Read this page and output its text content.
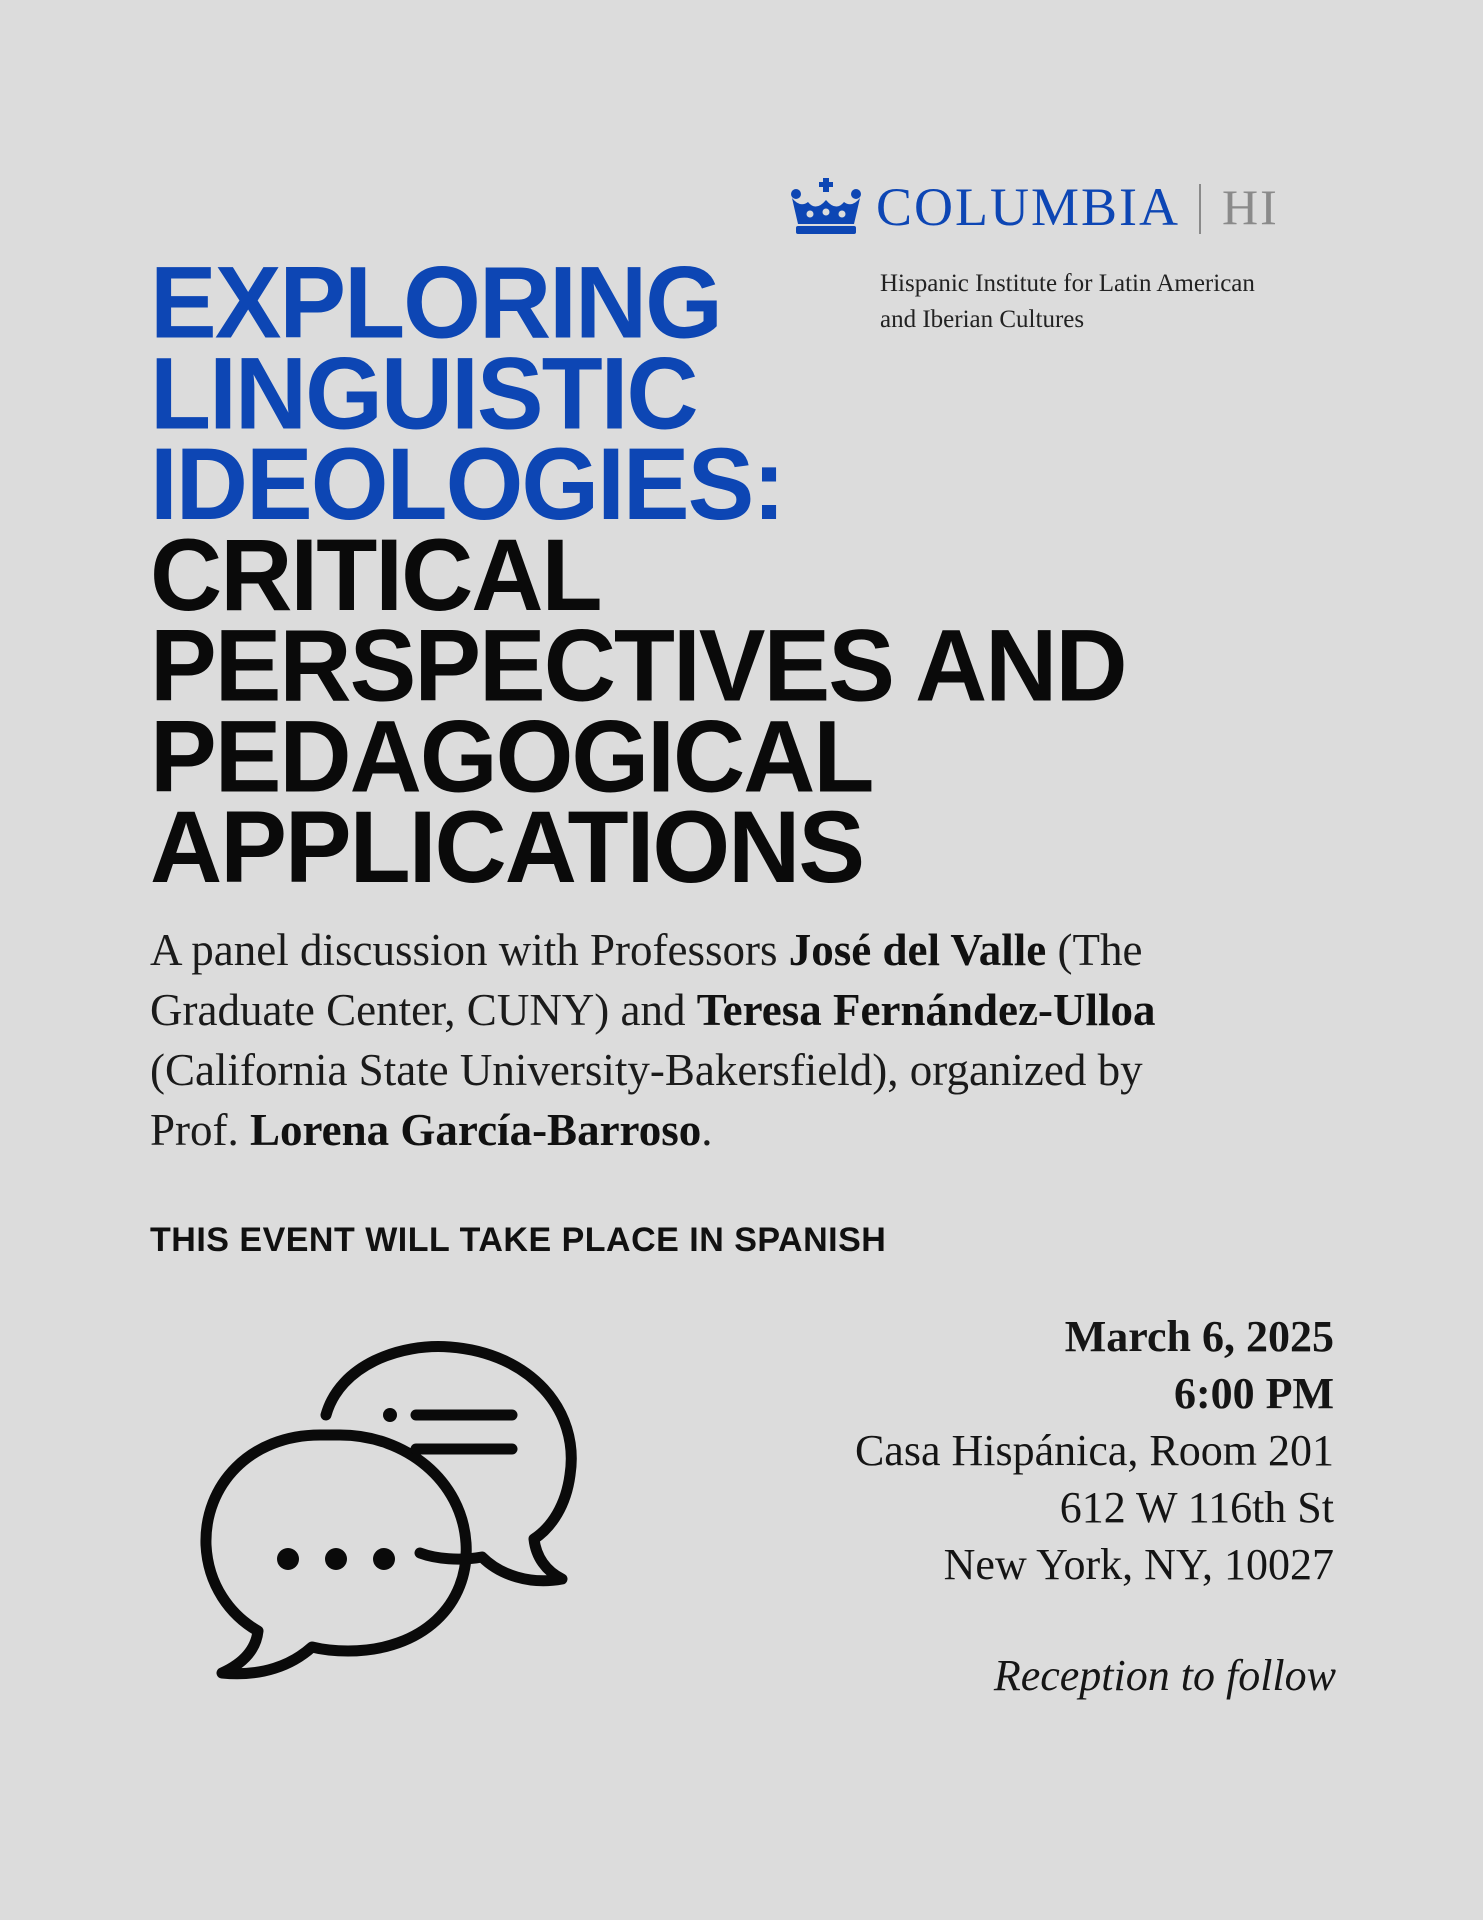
COLUMBIA HI
Hispanic Institute for Latin American
and Iberian Cultures
EXPLORING
LINGUISTIC
IDEOLOGIES:
CRITICAL
PERSPECTIVES AND
PEDAGOGICAL
APPLICATIONS
A panel discussion with Professors José del Valle (The
Graduate Center, CUNY) and Teresa Fernández-Ulloa
(California State University-Bakersfield), organized by
Prof. Lorena García-Barroso.
THIS EVENT WILL TAKE PLACE IN SPANISH
March 6, 2025
6:00 PM
Casa Hispánica, Room 201
612 W 116th St
New York, NY, 10027
Reception to follow
